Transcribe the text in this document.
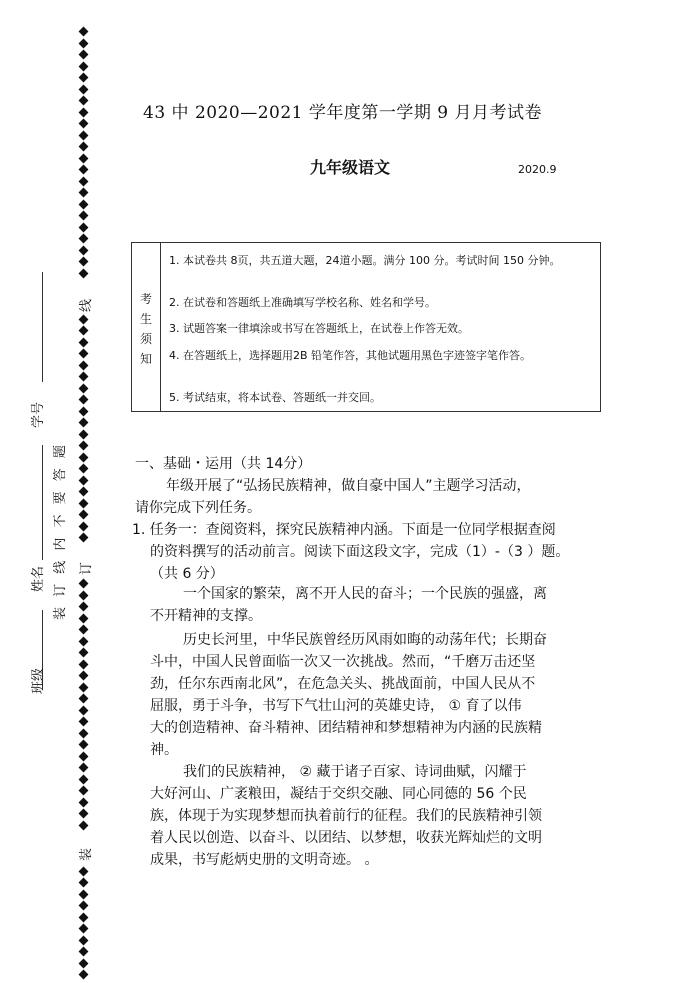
学号
装 订 线 内 不 要 答 题
姓名
班级
线
订
装
43 中 2020—2021 学年度第一学期 9 月月考试卷
九年级语文	2020.9
考
生
须
知
1. 本试卷共 8页，共五道大题，24道小题。满分 100 分。考试时间 150 分钟。
2. 在试卷和答题纸上准确填写学校名称、姓名和学号。
3. 试题答案一律填涂或书写在答题纸上，在试卷上作答无效。
4. 在答题纸上，选择题用2B 铅笔作答，其他试题用黑色字迹签字笔作答。
5. 考试结束，将本试卷、答题纸一并交回。
一、基础・运用（共 14分）
年级开展了“弘扬民族精神，做自豪中国人”主题学习活动，
请你完成下列任务。
1. 任务一：查阅资料，探究民族精神内涵。下面是一位同学根据查阅
的资料撰写的活动前言。阅读下面这段文字，完成（1）-（3 ）题。
（共 6 分）
一个国家的繁荣，离不开人民的奋斗；一个民族的强盛，离
不开精神的支撑。
历史长河里，中华民族曾经历风雨如晦的动荡年代；长期奋
斗中，中国人民曾面临一次又一次挑战。然而，“千磨万击还坚
劲，任尔东西南北风”，在危急关头、挑战面前，中国人民从不
屈服，勇于斗争，书写下气壮山河的英雄史诗， ① 育了以伟
大的创造精神、奋斗精神、团结精神和梦想精神为内涵的民族精
神。
我们的民族精神， ② 藏于诸子百家、诗词曲赋，闪耀于
大好河山、广袤粮田，凝结于交织交融、同心同德的 56 个民
族，体现于为实现梦想而执着前行的征程。我们的民族精神引领
着人民以创造、以奋斗、以团结、以梦想，收获光辉灿烂的文明
成果，书写彪炳史册的文明奇迹。 。
